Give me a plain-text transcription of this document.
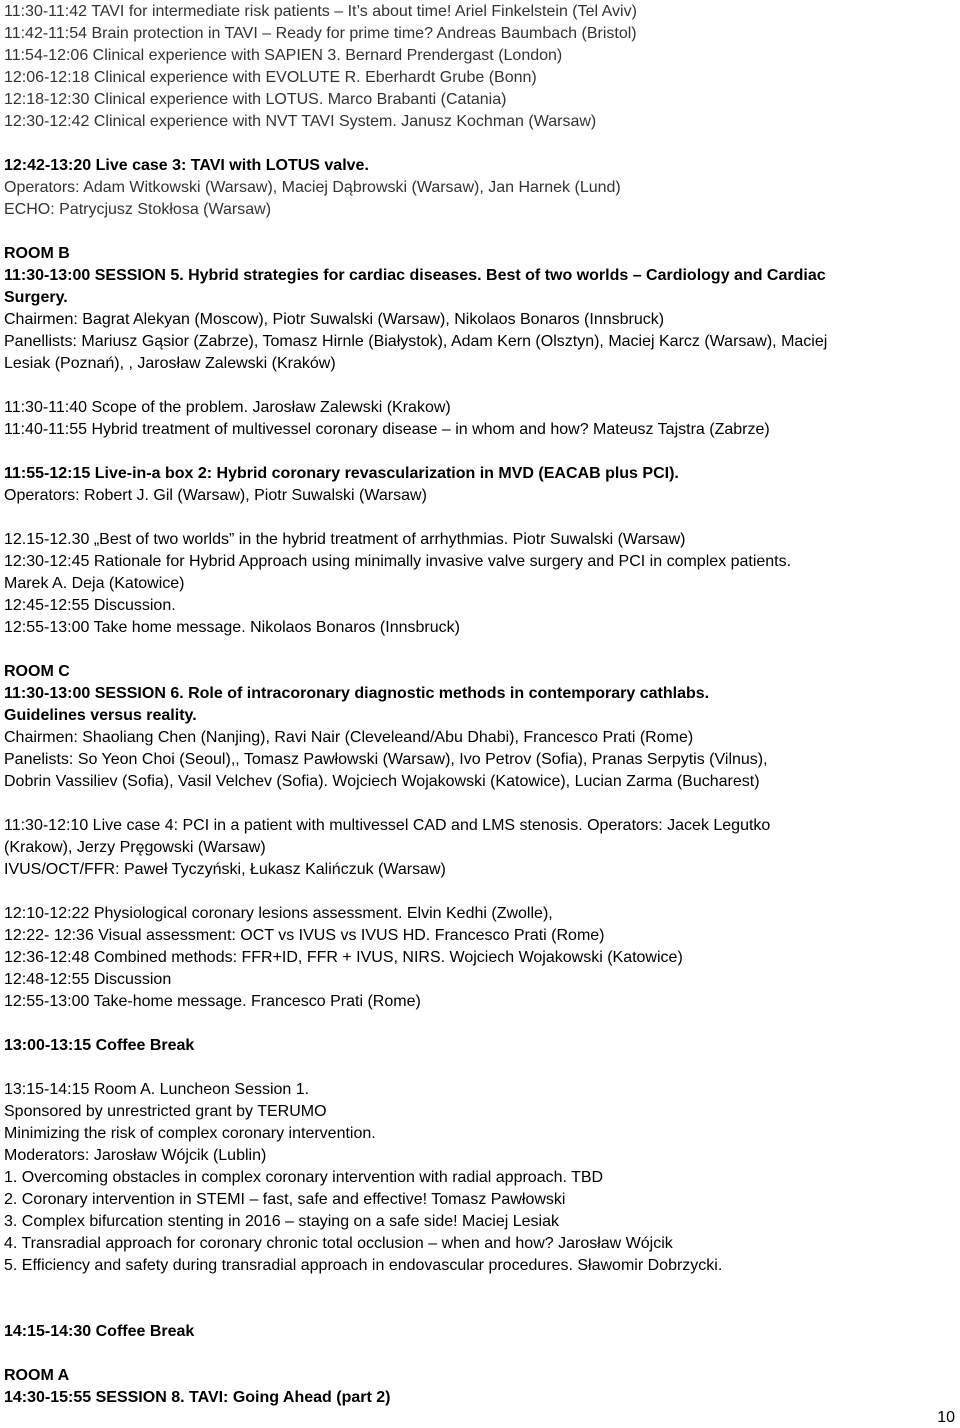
11:30-11:42 TAVI for intermediate risk patients – It’s about time! Ariel Finkelstein (Tel Aviv)
11:42-11:54 Brain protection in TAVI – Ready for prime time? Andreas Baumbach (Bristol)
11:54-12:06 Clinical experience with SAPIEN 3. Bernard Prendergast (London)
12:06-12:18 Clinical experience with EVOLUTE R. Eberhardt Grube (Bonn)
12:18-12:30 Clinical experience with LOTUS. Marco Brabanti (Catania)
12:30-12:42 Clinical experience with NVT TAVI System. Janusz Kochman (Warsaw)
12:42-13:20 Live case 3: TAVI with LOTUS valve.
Operators: Adam Witkowski (Warsaw), Maciej Dąbrowski (Warsaw), Jan Harnek (Lund)
ECHO: Patrycjusz Stokłosa (Warsaw)
ROOM B
11:30-13:00 SESSION 5. Hybrid strategies for cardiac diseases. Best of two worlds – Cardiology and Cardiac
Surgery.
Chairmen: Bagrat Alekyan (Moscow), Piotr Suwalski (Warsaw), Nikolaos Bonaros (Innsbruck)
Panellists: Mariusz Gąsior (Zabrze), Tomasz Hirnle (Białystok), Adam Kern (Olsztyn), Maciej Karcz (Warsaw), Maciej
Lesiak (Poznań), , Jarosław Zalewski (Kraków)
11:30-11:40 Scope of the problem. Jarosław Zalewski (Krakow)
11:40-11:55 Hybrid treatment of multivessel coronary disease – in whom and how? Mateusz Tajstra (Zabrze)
11:55-12:15 Live-in-a box 2: Hybrid coronary revascularization in MVD (EACAB plus PCI).
Operators: Robert J. Gil (Warsaw), Piotr Suwalski (Warsaw)
12.15-12.30 „Best of two worlds” in the hybrid treatment of arrhythmias. Piotr Suwalski (Warsaw)
12:30-12:45 Rationale for Hybrid Approach using minimally invasive valve surgery and PCI in complex patients.
Marek A. Deja (Katowice)
12:45-12:55 Discussion.
12:55-13:00 Take home message. Nikolaos Bonaros (Innsbruck)
ROOM C
11:30-13:00 SESSION 6. Role of intracoronary diagnostic methods in contemporary cathlabs.
Guidelines versus reality.
Chairmen: Shaoliang Chen (Nanjing), Ravi Nair (Cleveleand/Abu Dhabi), Francesco Prati (Rome)
Panelists: So Yeon Choi (Seoul),, Tomasz Pawłowski (Warsaw), Ivo Petrov (Sofia), Pranas Serpytis (Vilnus),
Dobrin Vassiliev (Sofia), Vasil Velchev (Sofia). Wojciech Wojakowski (Katowice), Lucian Zarma (Bucharest)
11:30-12:10 Live case 4: PCI in a patient with multivessel CAD and LMS stenosis. Operators: Jacek Legutko
(Krakow), Jerzy Pręgowski (Warsaw)
IVUS/OCT/FFR: Paweł Tyczyński, Łukasz Kalińczuk (Warsaw)
12:10-12:22 Physiological coronary lesions assessment. Elvin Kedhi (Zwolle),
12:22- 12:36 Visual assessment: OCT vs IVUS vs IVUS HD. Francesco Prati (Rome)
12:36-12:48 Combined methods: FFR+ID, FFR + IVUS, NIRS. Wojciech Wojakowski (Katowice)
12:48-12:55 Discussion
12:55-13:00 Take-home message. Francesco Prati (Rome)
13:00-13:15 Coffee Break
13:15-14:15 Room A. Luncheon Session 1.
Sponsored by unrestricted grant by TERUMO
Minimizing the risk of complex coronary intervention.
Moderators: Jarosław Wójcik (Lublin)
1. Overcoming obstacles in complex coronary intervention with radial approach. TBD
2. Coronary intervention in STEMI – fast, safe and effective! Tomasz Pawłowski
3. Complex bifurcation stenting in 2016 – staying on a safe side! Maciej Lesiak
4. Transradial approach for coronary chronic total occlusion – when and how? Jarosław Wójcik
5. Efficiency and safety during transradial approach in endovascular procedures. Sławomir Dobrzycki.
14:15-14:30 Coffee Break
ROOM A
14:30-15:55 SESSION 8. TAVI: Going Ahead (part 2)
10
